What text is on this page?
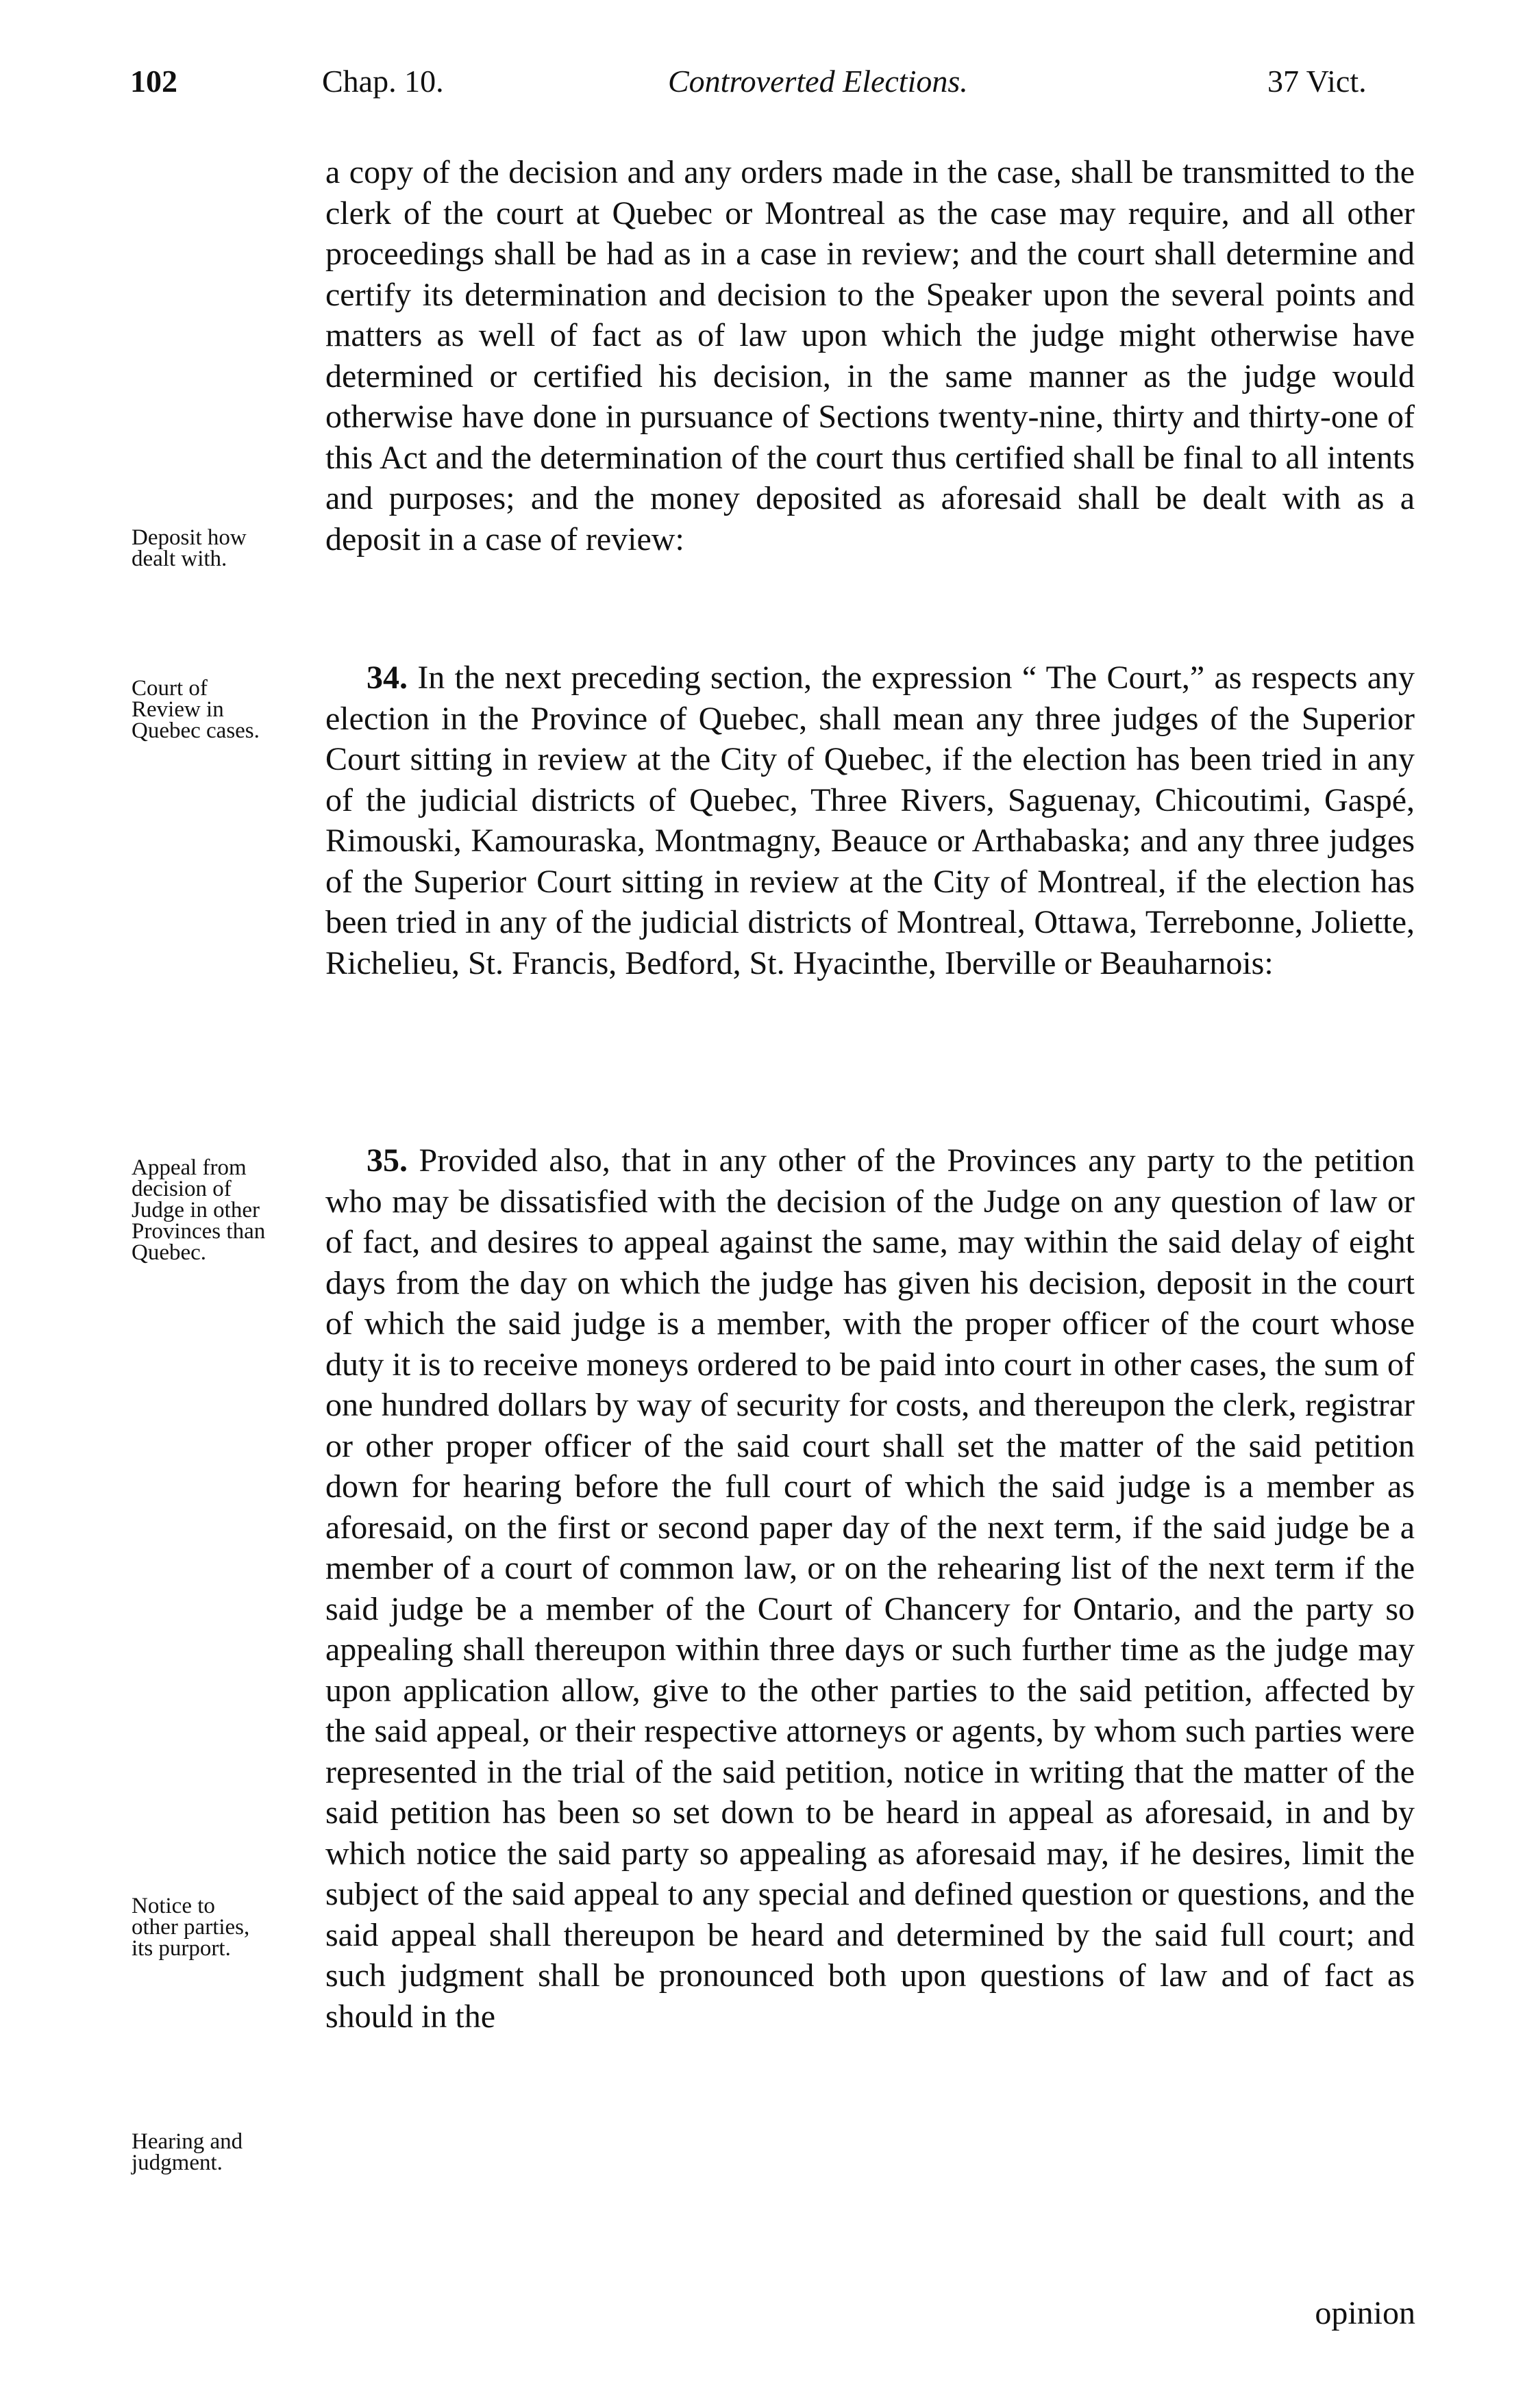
102	Chap. 10.	Controverted Elections.	37 Vict.

a copy of the decision and any orders made in the case, shall be transmitted to the clerk of the court at Quebec or Montreal as the case may require, and all other proceedings shall be had as in a case in review; and the court shall determine and certify its determination and decision to the Speaker upon the several points and matters as well of fact as of law upon which the judge might otherwise have determined or certified his decision, in the same manner as the judge would otherwise have done in pursuance of Sections twenty-nine, thirty and thirty-one of this Act and the determination of the court thus certified shall be final to all intents and purposes; and the money deposited as aforesaid shall be dealt with as a deposit in a case of review:

34. In the next preceding section, the expression “ The Court,” as respects any election in the Province of Quebec, shall mean any three judges of the Superior Court sitting in review at the City of Quebec, if the election has been tried in any of the judicial districts of Quebec, Three Rivers, Saguenay, Chicoutimi, Gaspé, Rimouski, Kamouraska, Montmagny, Beauce or Arthabaska; and any three judges of the Superior Court sitting in review at the City of Montreal, if the election has been tried in any of the judicial districts of Montreal, Ottawa, Terrebonne, Joliette, Richelieu, St. Francis, Bedford, St. Hyacinthe, Iberville or Beauharnois:

35. Provided also, that in any other of the Provinces any party to the petition who may be dissatisfied with the decision of the Judge on any question of law or of fact, and desires to appeal against the same, may within the said delay of eight days from the day on which the judge has given his decision, deposit in the court of which the said judge is a member, with the proper officer of the court whose duty it is to receive moneys ordered to be paid into court in other cases, the sum of one hundred dollars by way of security for costs, and thereupon the clerk, registrar or other proper officer of the said court shall set the matter of the said petition down for hearing before the full court of which the said judge is a member as aforesaid, on the first or second paper day of the next term, if the said judge be a member of a court of common law, or on the rehearing list of the next term if the said judge be a member of the Court of Chancery for Ontario, and the party so appealing shall thereupon within three days or such further time as the judge may upon application allow, give to the other parties to the said petition, affected by the said appeal, or their respective attorneys or agents, by whom such parties were represented in the trial of the said petition, notice in writing that the matter of the said petition has been so set down to be heard in appeal as aforesaid, in and by which notice the said party so appealing as aforesaid may, if he desires, limit the subject of the said appeal to any special and defined question or questions, and the said appeal shall thereupon be heard and determined by the said full court; and such judgment shall be pronounced both upon questions of law and of fact as should in the

Deposit how
dealt with.
Court of
Review in
Quebec cases.
Appeal from
decision of
Judge in other
Provinces than
Quebec.
Notice to
other parties,
its purport.
Hearing and
judgment.
opinion
